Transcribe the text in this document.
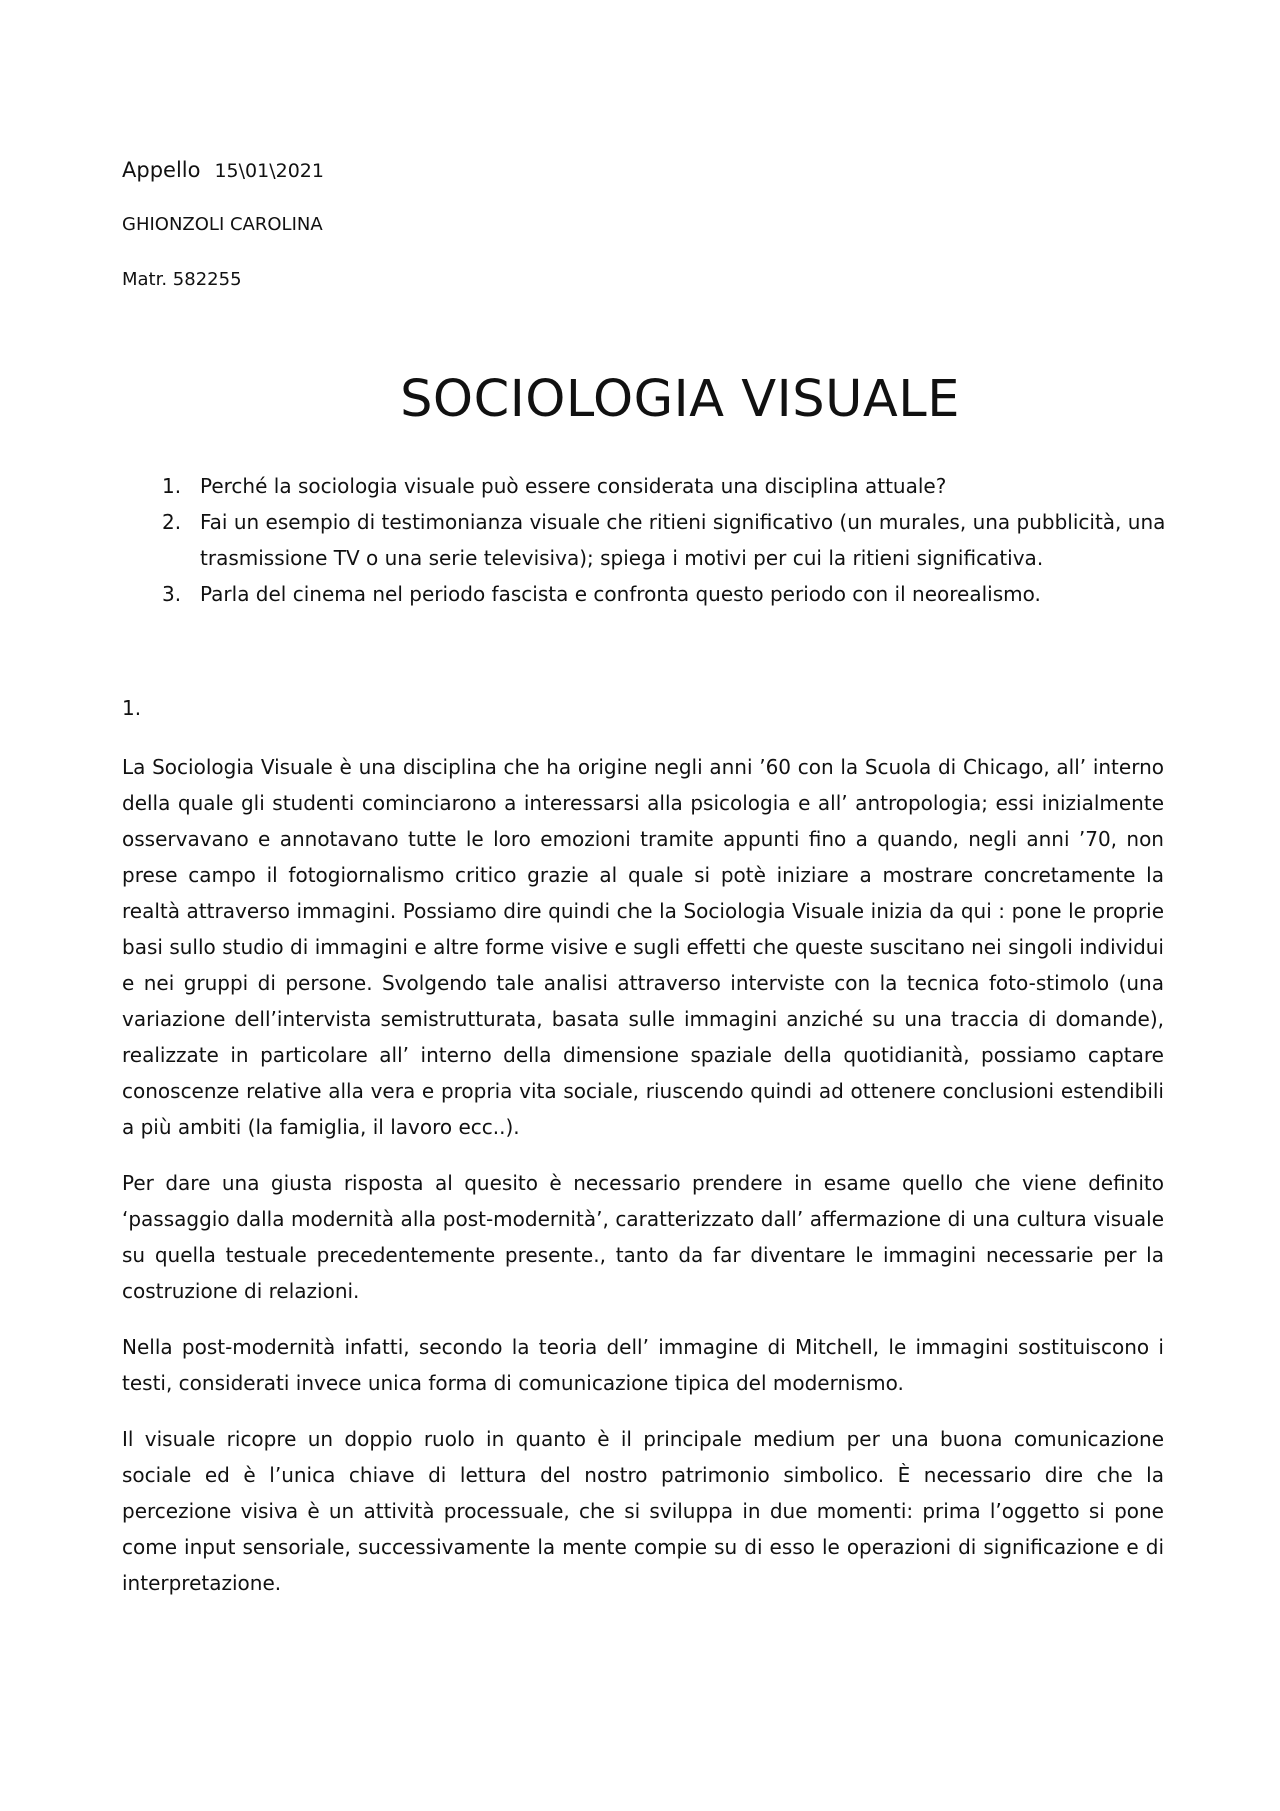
Appello 15\01\2021

GHIONZOLI CAROLINA

Matr. 582255

SOCIOLOGIA VISUALE
1. Perché la sociologia visuale può essere considerata una disciplina attuale?
2. Fai un esempio di testimonianza visuale che ritieni significativo (un murales, una pubblicità, una trasmissione TV o una serie televisiva); spiega i motivi per cui la ritieni significativa.
3. Parla del cinema nel periodo fascista e confronta questo periodo con il neorealismo.

1.

La Sociologia Visuale è una disciplina che ha origine negli anni ’60 con la Scuola di Chicago, all’ interno della quale gli studenti cominciarono a interessarsi alla psicologia e all’ antropologia; essi inizialmente osservavano e annotavano tutte le loro emozioni tramite appunti fino a quando, negli anni ’70, non prese campo il fotogiornalismo critico grazie al quale si potè iniziare a mostrare concretamente la realtà attraverso immagini. Possiamo dire quindi che la Sociologia Visuale inizia da qui : pone le proprie basi sullo studio di immagini e altre forme visive e sugli effetti che queste suscitano nei singoli individui e nei gruppi di persone. Svolgendo tale analisi attraverso interviste con la tecnica foto-stimolo (una variazione dell’intervista semistrutturata, basata sulle immagini anziché su una traccia di domande), realizzate in particolare all’ interno della dimensione spaziale della quotidianità, possiamo captare conoscenze relative alla vera e propria vita sociale, riuscendo quindi ad ottenere conclusioni estendibili a più ambiti (la famiglia, il lavoro ecc..).

Per dare una giusta risposta al quesito è necessario prendere in esame quello che viene definito ‘passaggio dalla modernità alla post-modernità’, caratterizzato dall’ affermazione di una cultura visuale su quella testuale precedentemente presente., tanto da far diventare le immagini necessarie per la costruzione di relazioni.

Nella post-modernità infatti, secondo la teoria dell’ immagine di Mitchell, le immagini sostituiscono i testi, considerati invece unica forma di comunicazione tipica del modernismo.

Il visuale ricopre un doppio ruolo in quanto è il principale medium per una buona comunicazione sociale ed è l’unica chiave di lettura del nostro patrimonio simbolico. È necessario dire che la percezione visiva è un attività processuale, che si sviluppa in due momenti: prima l’oggetto si pone come input sensoriale, successivamente la mente compie su di esso le operazioni di significazione e di interpretazione.
